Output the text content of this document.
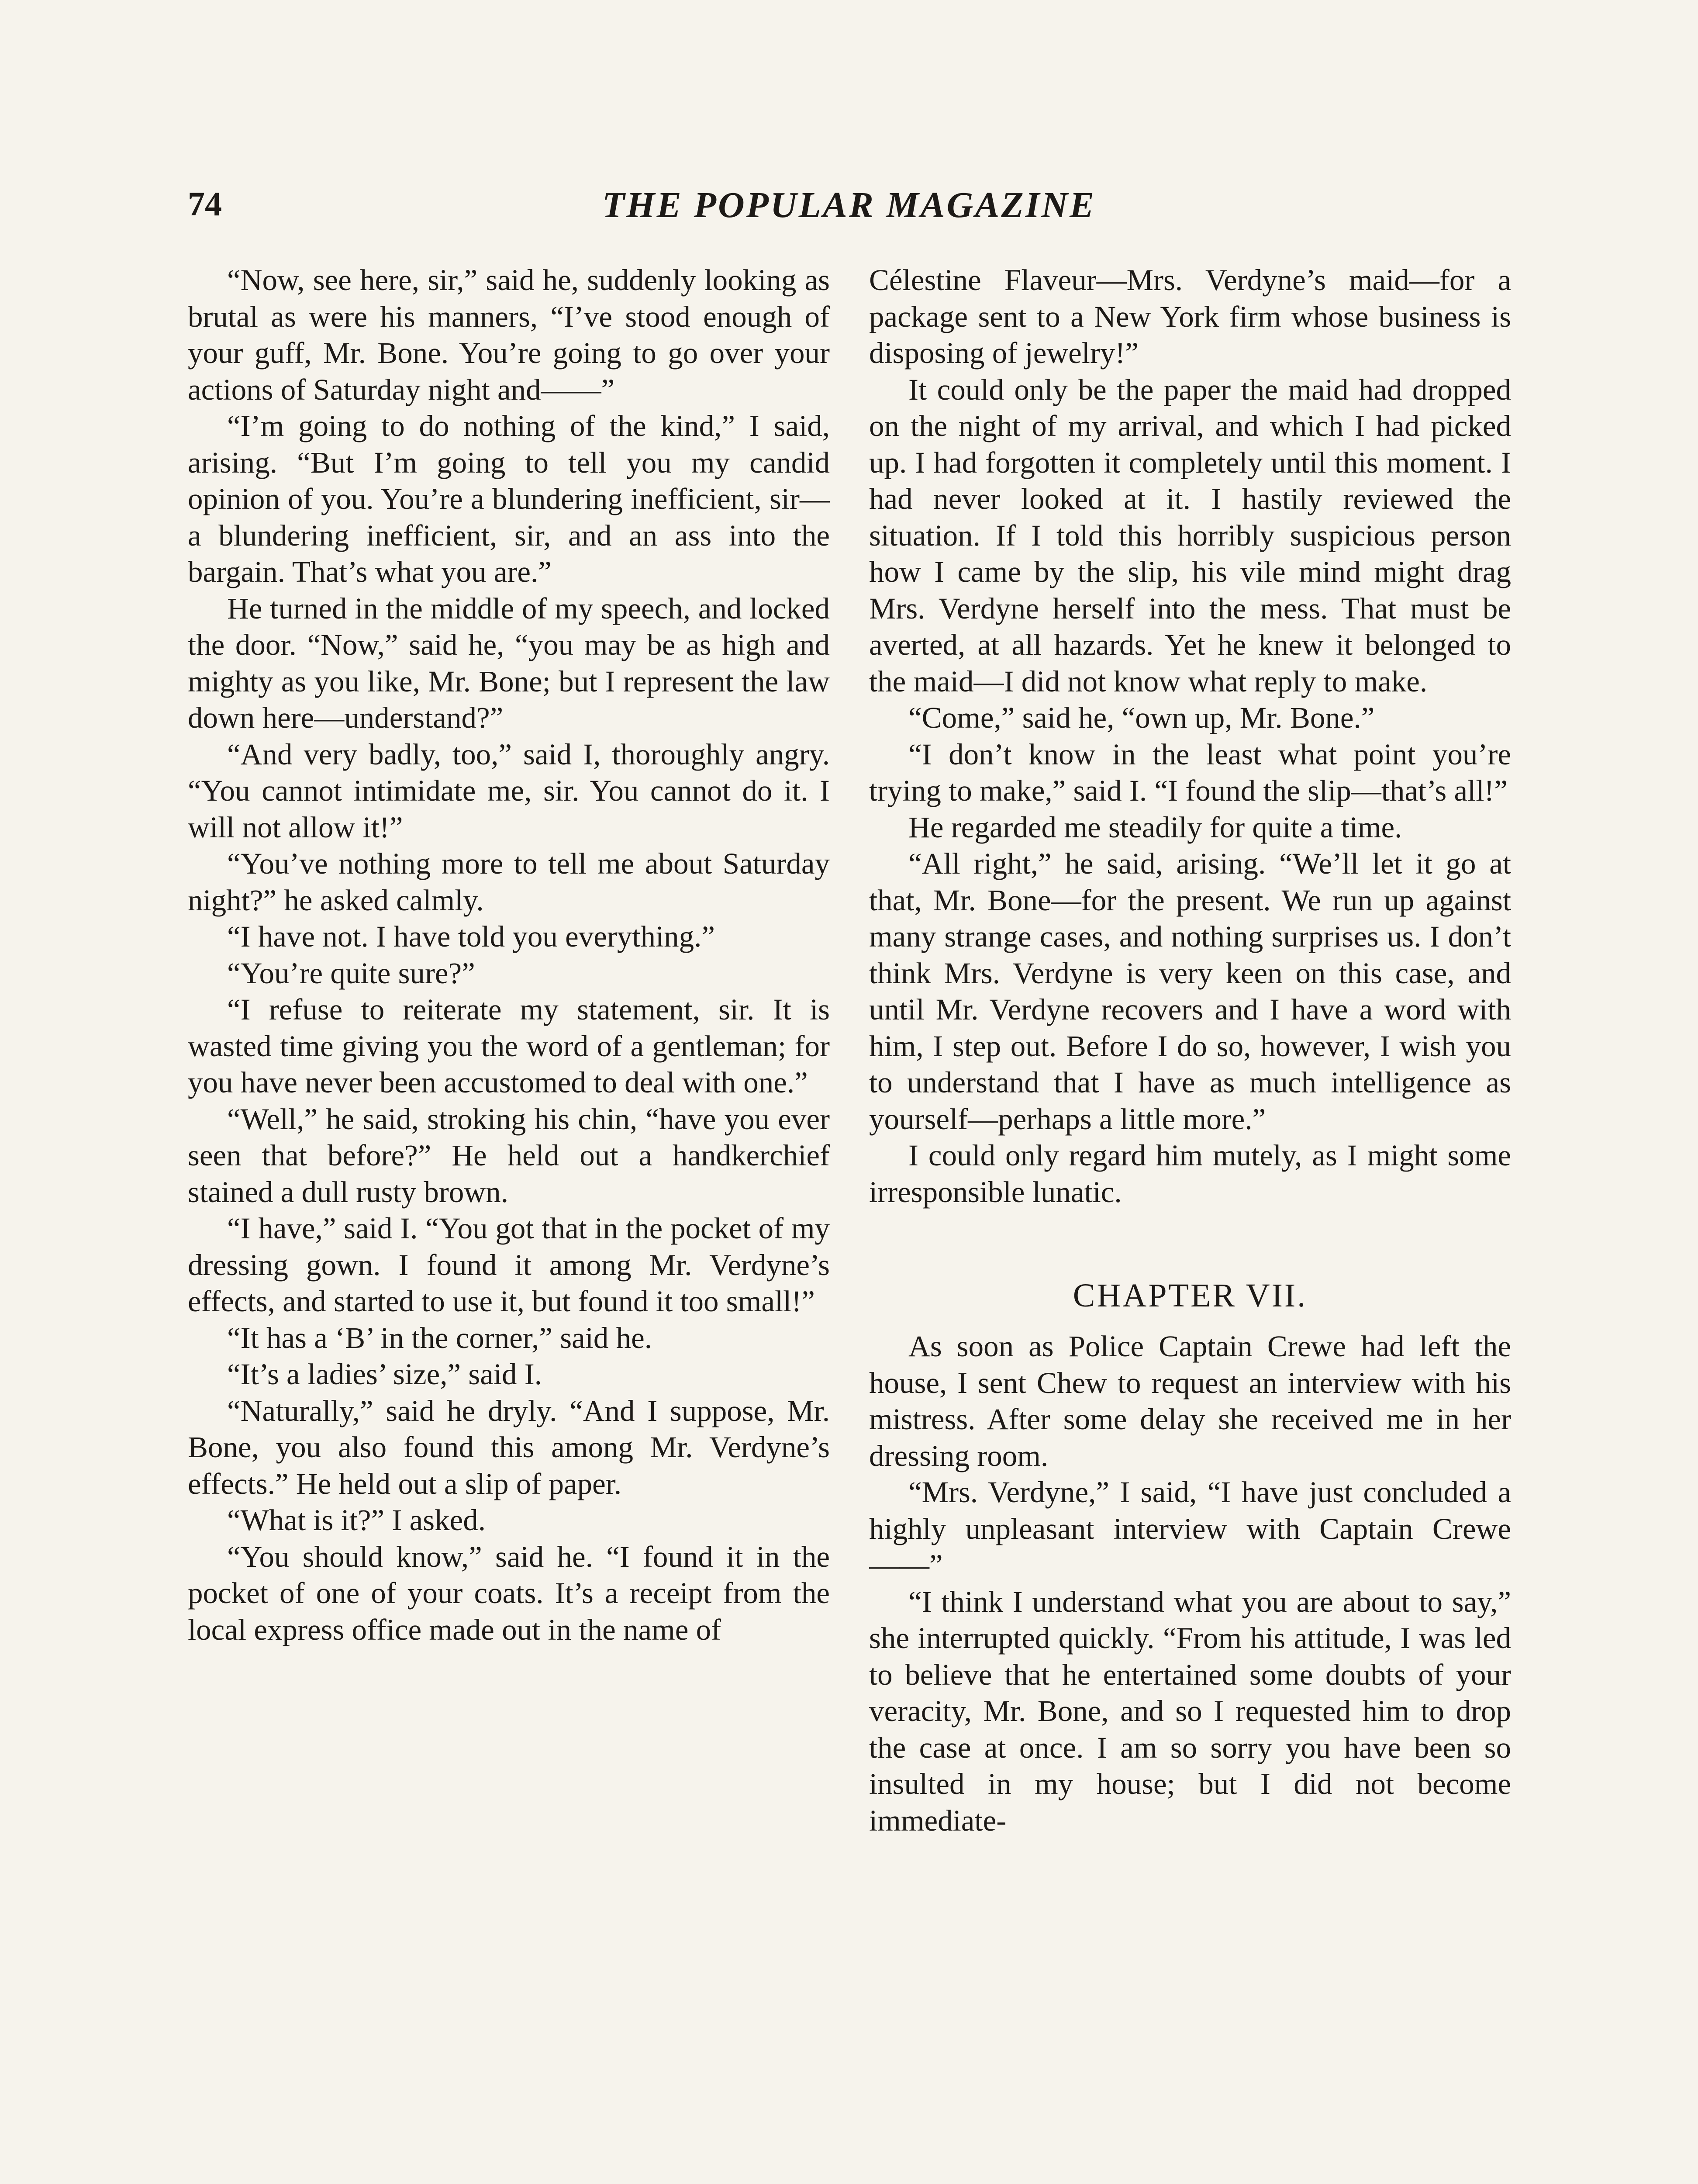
74	THE POPULAR MAGAZINE

“Now, see here, sir,” said he, suddenly looking as brutal as were his manners, “I’ve stood enough of your guff, Mr. Bone. You’re going to go over your actions of Saturday night and——”

“I’m going to do nothing of the kind,” I said, arising. “But I’m going to tell you my candid opinion of you. You’re a blundering inefficient, sir—a blundering inefficient, sir, and an ass into the bargain. That’s what you are.”

He turned in the middle of my speech, and locked the door. “Now,” said he, “you may be as high and mighty as you like, Mr. Bone; but I represent the law down here—understand?”

“And very badly, too,” said I, thoroughly angry. “You cannot intimidate me, sir. You cannot do it. I will not allow it!”

“You’ve nothing more to tell me about Saturday night?” he asked calmly.

“I have not. I have told you everything.”

“You’re quite sure?”

“I refuse to reiterate my statement, sir. It is wasted time giving you the word of a gentleman; for you have never been accustomed to deal with one.”

“Well,” he said, stroking his chin, “have you ever seen that before?” He held out a handkerchief stained a dull rusty brown.

“I have,” said I. “You got that in the pocket of my dressing gown. I found it among Mr. Verdyne’s effects, and started to use it, but found it too small!”

“It has a ‘B’ in the corner,” said he.

“It’s a ladies’ size,” said I.

“Naturally,” said he dryly. “And I suppose, Mr. Bone, you also found this among Mr. Verdyne’s effects.” He held out a slip of paper.

“What is it?” I asked.

“You should know,” said he. “I found it in the pocket of one of your coats. It’s a receipt from the local express office made out in the name of

Célestine Flaveur—Mrs. Verdyne’s maid—for a package sent to a New York firm whose business is disposing of jewelry!”

It could only be the paper the maid had dropped on the night of my arrival, and which I had picked up. I had forgotten it completely until this moment. I had never looked at it. I hastily reviewed the situation. If I told this horribly suspicious person how I came by the slip, his vile mind might drag Mrs. Verdyne herself into the mess. That must be averted, at all hazards. Yet he knew it belonged to the maid—I did not know what reply to make.

“Come,” said he, “own up, Mr. Bone.”

“I don’t know in the least what point you’re trying to make,” said I. “I found the slip—that’s all!”

He regarded me steadily for quite a time.

“All right,” he said, arising. “We’ll let it go at that, Mr. Bone—for the present. We run up against many strange cases, and nothing surprises us. I don’t think Mrs. Verdyne is very keen on this case, and until Mr. Verdyne recovers and I have a word with him, I step out. Before I do so, however, I wish you to understand that I have as much intelligence as yourself—perhaps a little more.”

I could only regard him mutely, as I might some irresponsible lunatic.

CHAPTER VII.

As soon as Police Captain Crewe had left the house, I sent Chew to request an interview with his mistress. After some delay she received me in her dressing room.

“Mrs. Verdyne,” I said, “I have just concluded a highly unpleasant interview with Captain Crewe——”

“I think I understand what you are about to say,” she interrupted quickly. “From his attitude, I was led to believe that he entertained some doubts of your veracity, Mr. Bone, and so I requested him to drop the case at once. I am so sorry you have been so insulted in my house; but I did not become immediate-
